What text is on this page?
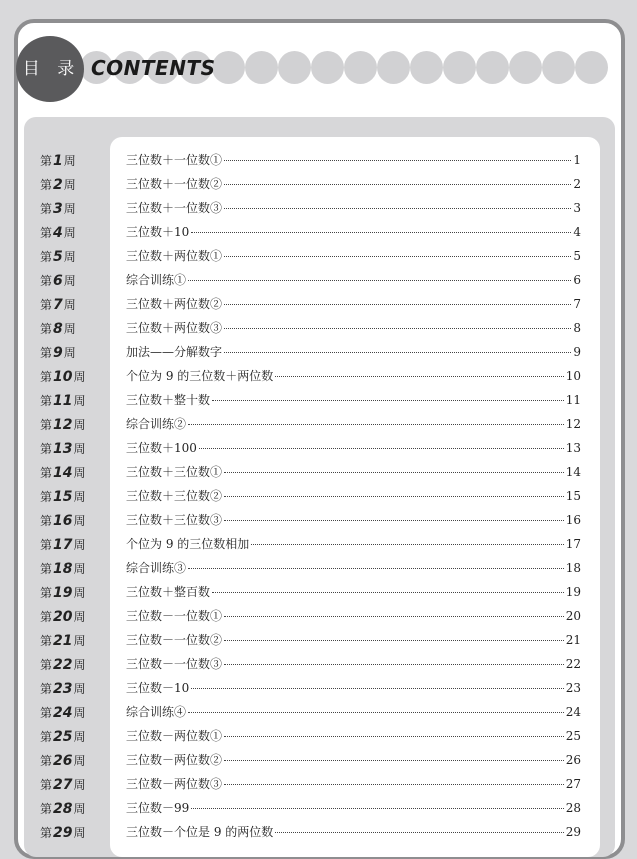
目 录 CONTENTS
第1周	三位数＋一位数①	1
第2周	三位数＋一位数②	2
第3周	三位数＋一位数③	3
第4周	三位数＋10	4
第5周	三位数＋两位数①	5
第6周	综合训练①	6
第7周	三位数＋两位数②	7
第8周	三位数＋两位数③	8
第9周	加法——分解数字	9
第10周	个位为 9 的三位数＋两位数	10
第11周	三位数＋整十数	11
第12周	综合训练②	12
第13周	三位数＋100	13
第14周	三位数＋三位数①	14
第15周	三位数＋三位数②	15
第16周	三位数＋三位数③	16
第17周	个位为 9 的三位数相加	17
第18周	综合训练③	18
第19周	三位数＋整百数	19
第20周	三位数－一位数①	20
第21周	三位数－一位数②	21
第22周	三位数－一位数③	22
第23周	三位数－10	23
第24周	综合训练④	24
第25周	三位数－两位数①	25
第26周	三位数－两位数②	26
第27周	三位数－两位数③	27
第28周	三位数－99	28
第29周	三位数－个位是 9 的两位数	29
